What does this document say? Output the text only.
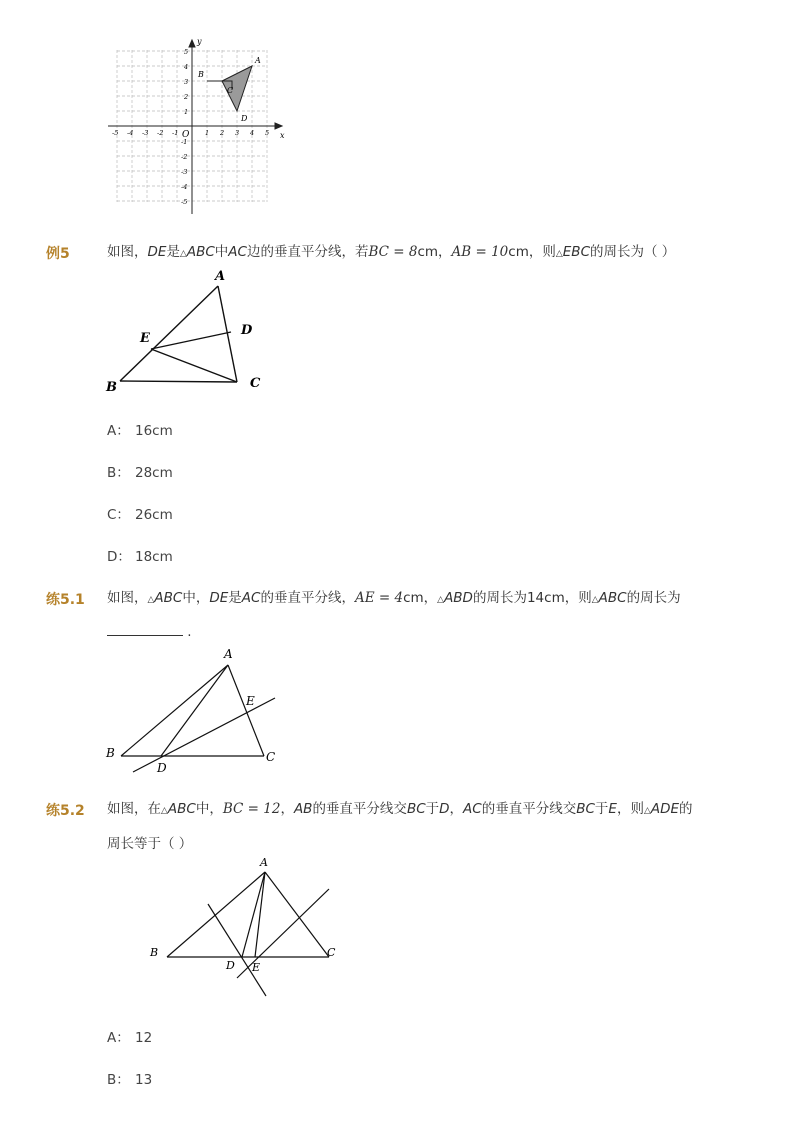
x
y
O
-5 -4 -3 -2 -1	1 2 3 4 5
5
4
3
2
1
-1
-2
-3
-4
-5
A
B
C
D
例5	如图，DE是△ABC中AC边的垂直平分线，若BC = 8cm，AB = 10cm，则△EBC的周长为（ ）
A
D
E
B	C
A： 16cm
B： 28cm
C： 26cm
D： 18cm
练5.1 如图，△ABC中，DE是AC的垂直平分线，AE = 4cm，△ABD的周长为14cm，则△ABC的周长为
.
A
E
B	C
D
练5.2 如图，在△ABC中，BC = 12，AB的垂直平分线交BC于D，AC的垂直平分线交BC于E，则△ADE的
周长等于（ ）
A
B	C
D E
A： 12
B： 13
